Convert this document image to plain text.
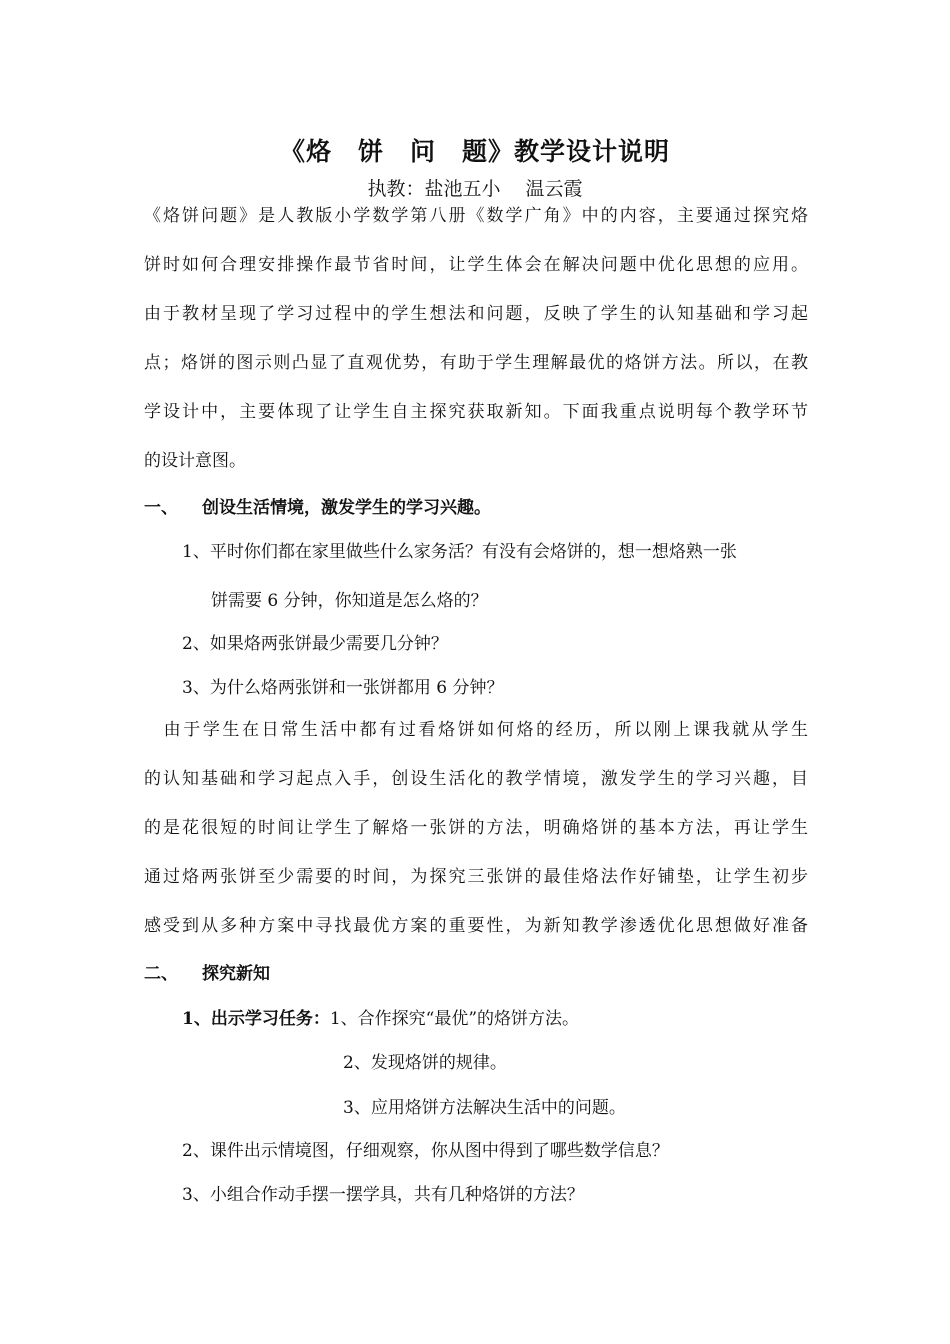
《烙　饼　问　题》教学设计说明
执教：盐池五小　 温云霞
《烙饼问题》是人教版小学数学第八册《数学广角》中的内容，主要通过探究烙
饼时如何合理安排操作最节省时间，让学生体会在解决问题中优化思想的应用。
由于教材呈现了学习过程中的学生想法和问题，反映了学生的认知基础和学习起
点；烙饼的图示则凸显了直观优势，有助于学生理解最优的烙饼方法。所以，在教
学设计中，主要体现了让学生自主探究获取新知。下面我重点说明每个教学环节
的设计意图。
一、 创设生活情境，激发学生的学习兴趣。
1、平时你们都在家里做些什么家务活？有没有会烙饼的，想一想烙熟一张
饼需要 6 分钟，你知道是怎么烙的？
2、如果烙两张饼最少需要几分钟？
3、为什么烙两张饼和一张饼都用 6 分钟？
　由于学生在日常生活中都有过看烙饼如何烙的经历，所以刚上课我就从学生
的认知基础和学习起点入手，创设生活化的教学情境，激发学生的学习兴趣，目
的是花很短的时间让学生了解烙一张饼的方法，明确烙饼的基本方法，再让学生
通过烙两张饼至少需要的时间，为探究三张饼的最佳烙法作好铺垫，让学生初步
感受到从多种方案中寻找最优方案的重要性，为新知教学渗透优化思想做好准备
二、 探究新知
1、出示学习任务：1、合作探究“最优”的烙饼方法。
2、发现烙饼的规律。
3、应用烙饼方法解决生活中的问题。
2、课件出示情境图，仔细观察，你从图中得到了哪些数学信息？
3、小组合作动手摆一摆学具，共有几种烙饼的方法？
